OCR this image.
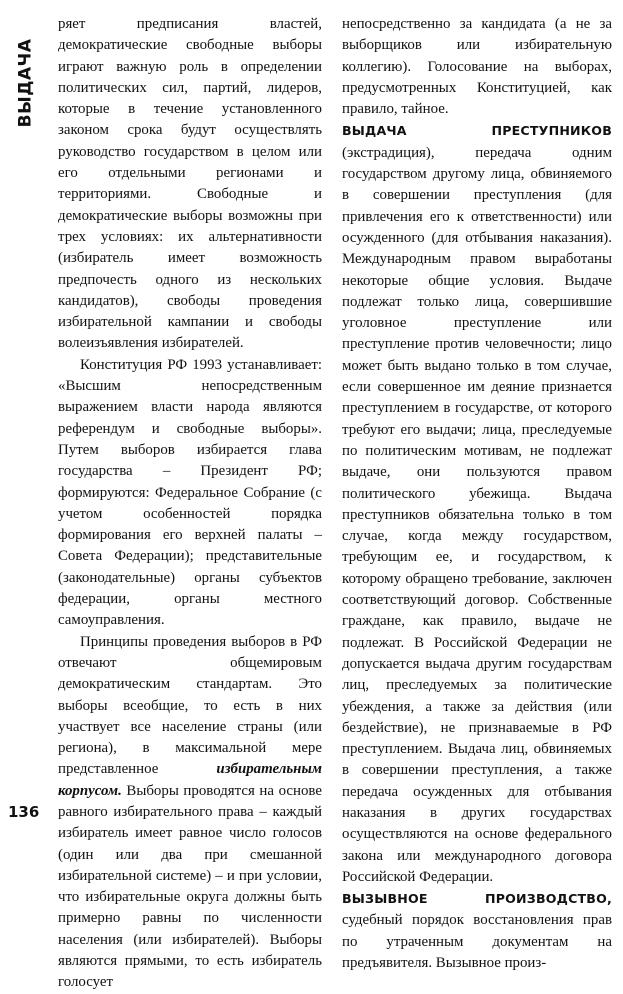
ВЫДАЧА

ряет предписания властей, демократические свободные выборы играют важную роль в определении политических сил, партий, лидеров, которые в течение установленного законом срока будут осуществлять руководство государством в целом или его отдельными регионами и территориями. Свободные и демократические выборы возможны при трех условиях: их альтернативности (избиратель имеет возможность предпочесть одного из нескольких кандидатов), свободы проведения избирательной кампании и свободы волеизъявления избирателей.

Конституция РФ 1993 устанавливает: «Высшим непосредственным выражением власти народа являются референдум и свободные выборы». Путем выборов избирается глава государства – Президент РФ; формируются: Федеральное Собрание (с учетом особенностей порядка формирования его верхней палаты – Совета Федерации); представительные (законодательные) органы субъектов федерации, органы местного самоуправления.

Принципы проведения выборов в РФ отвечают общемировым демократическим стандартам. Это выборы всеобщие, то есть в них участвует все население страны (или региона), в максимальной мере представленное избирательным корпусом. Выборы проводятся на основе равного избирательного права – каждый избиратель имеет равное число голосов (один или два при смешанной избирательной системе) – и при условии, что избирательные округа должны быть примерно равны по численности населения (или избирателей). Выборы являются прямыми, то есть избиратель голосует

непосредственно за кандидата (а не за выборщиков или избирательную коллегию). Голосование на выборах, предусмотренных Конституцией, как правило, тайное.

ВЫДАЧА ПРЕСТУПНИКОВ (экстрадиция), передача одним государством другому лица, обвиняемого в совершении преступления (для привлечения его к ответственности) или осужденного (для отбывания наказания). Международным правом выработаны некоторые общие условия. Выдаче подлежат только лица, совершившие уголовное преступление или преступление против человечности; лицо может быть выдано только в том случае, если совершенное им деяние признается преступлением в государстве, от которого требуют его выдачи; лица, преследуемые по политическим мотивам, не подлежат выдаче, они пользуются правом политического убежища. Выдача преступников обязательна только в том случае, когда между государством, требующим ее, и государством, к которому обращено требование, заключен соответствующий договор. Собственные граждане, как правило, выдаче не подлежат. В Российской Федерации не допускается выдача другим государствам лиц, преследуемых за политические убеждения, а также за действия (или бездействие), не признаваемые в РФ преступлением. Выдача лиц, обвиняемых в совершении преступления, а также передача осужденных для отбывания наказания в других государствах осуществляются на основе федерального закона или международного договора Российской Федерации.

ВЫЗЫВНОЕ ПРОИЗВОДСТВО, судебный порядок восстановления прав по утраченным документам на предъявителя. Вызывное произ-

136
